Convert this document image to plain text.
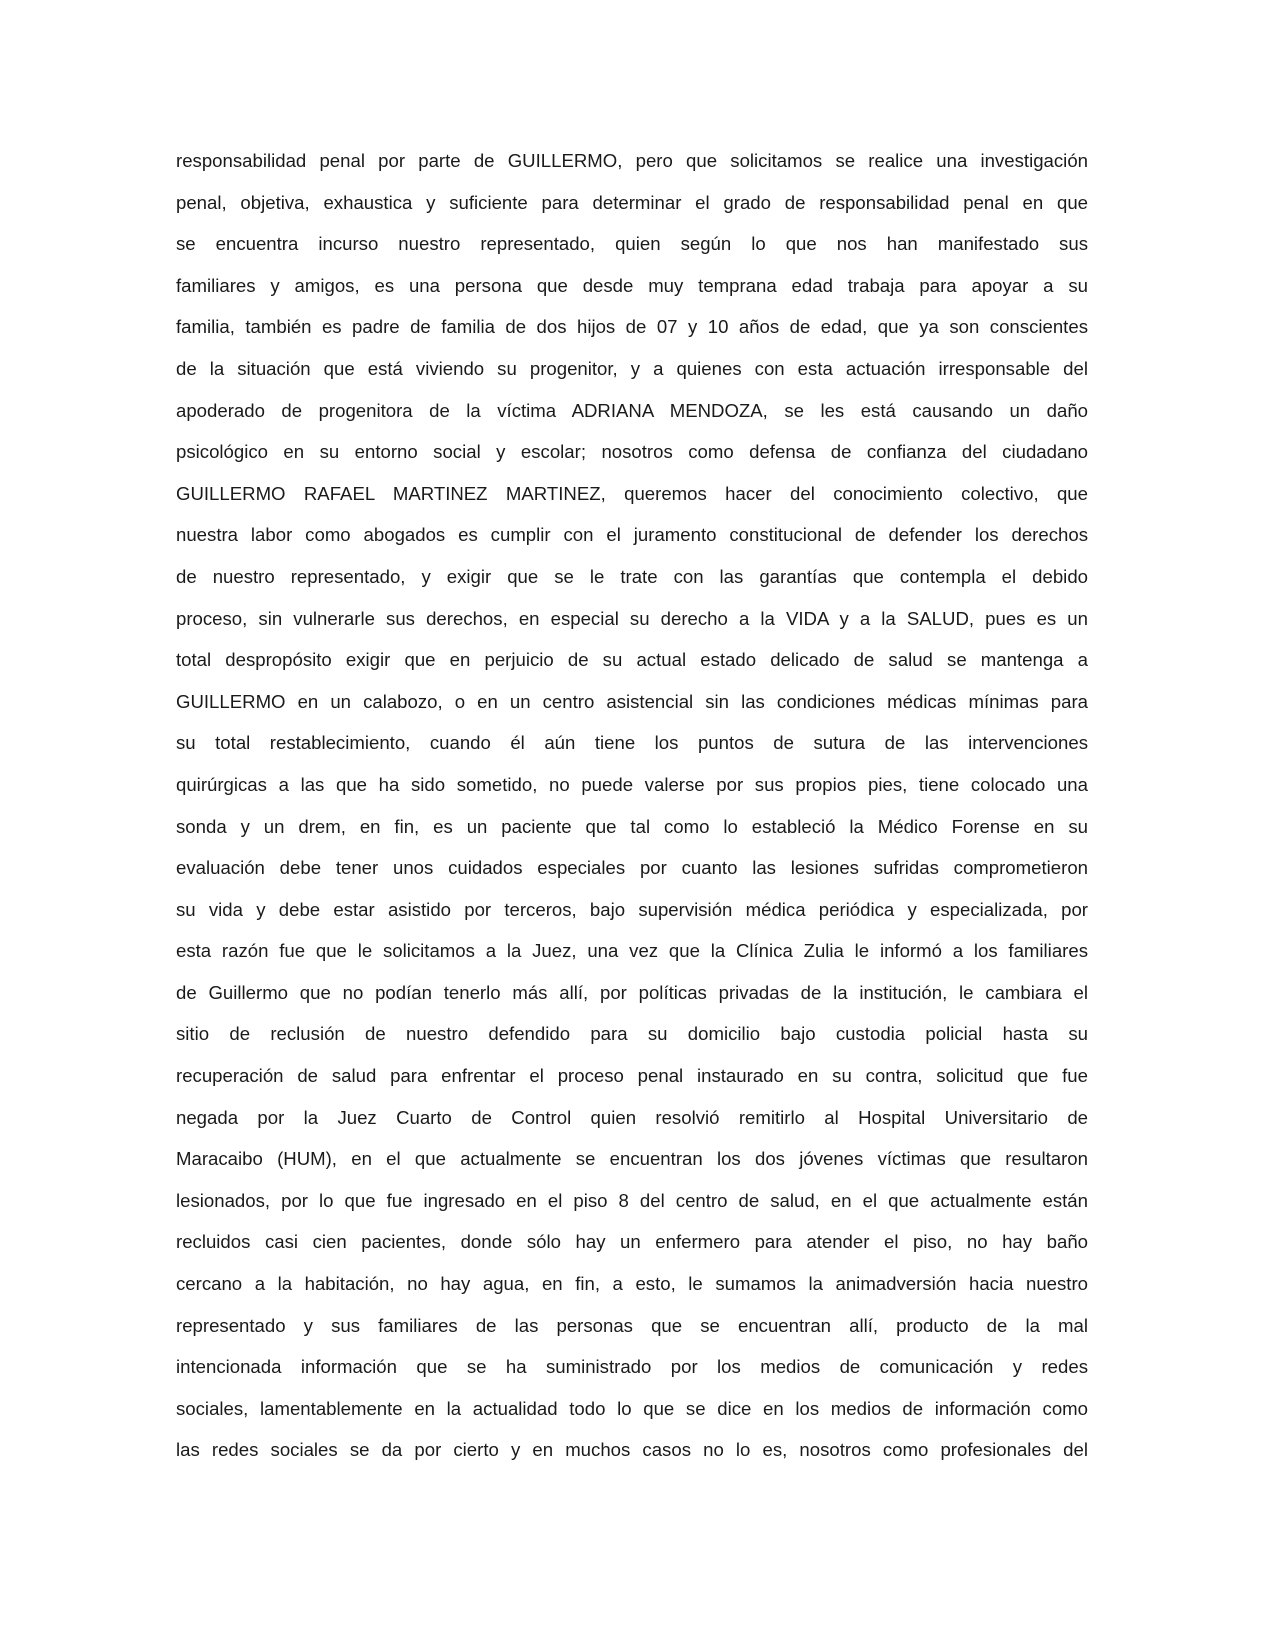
responsabilidad penal por parte de GUILLERMO, pero que solicitamos se realice una investigación
penal, objetiva, exhaustica y suficiente para determinar el grado de responsabilidad penal en que
se encuentra incurso nuestro representado, quien según lo que nos han manifestado sus
familiares y amigos, es una persona que desde muy temprana edad trabaja para apoyar a su
familia, también es padre de familia de dos hijos de 07 y 10 años de edad, que ya son conscientes
de la situación que está viviendo su progenitor, y a quienes con esta actuación irresponsable del
apoderado de progenitora de la víctima ADRIANA MENDOZA, se les está causando un daño
psicológico en su entorno social y escolar; nosotros como defensa de confianza del ciudadano
GUILLERMO RAFAEL MARTINEZ MARTINEZ, queremos hacer del conocimiento colectivo, que
nuestra labor como abogados es cumplir con el juramento constitucional de defender los derechos
de nuestro representado, y exigir que se le trate con las garantías que contempla el debido
proceso, sin vulnerarle sus derechos, en especial su derecho a la VIDA y a la SALUD, pues es un
total despropósito exigir que en perjuicio de su actual estado delicado de salud se mantenga a
GUILLERMO en un calabozo, o en un centro asistencial sin las condiciones médicas mínimas para
su total restablecimiento, cuando él aún tiene los puntos de sutura de las intervenciones
quirúrgicas a las que ha sido sometido, no puede valerse por sus propios pies, tiene colocado una
sonda y un drem, en fin, es un paciente que tal como lo estableció la Médico Forense en su
evaluación debe tener unos cuidados especiales por cuanto las lesiones sufridas comprometieron
su vida y debe estar asistido por terceros, bajo supervisión médica periódica y especializada, por
esta razón fue que le solicitamos a la Juez, una vez que la Clínica Zulia le informó a los familiares
de Guillermo que no podían tenerlo más allí, por políticas privadas de la institución, le cambiara el
sitio de reclusión de nuestro defendido para su domicilio bajo custodia policial hasta su
recuperación de salud para enfrentar el proceso penal instaurado en su contra, solicitud que fue
negada por la Juez Cuarto de Control quien resolvió remitirlo al Hospital Universitario de
Maracaibo (HUM), en el que actualmente se encuentran los dos jóvenes víctimas que resultaron
lesionados, por lo que fue ingresado en el piso 8 del centro de salud, en el que actualmente están
recluidos casi cien pacientes, donde sólo hay un enfermero para atender el piso, no hay baño
cercano a la habitación, no hay agua, en fin, a esto, le sumamos la animadversión hacia nuestro
representado y sus familiares de las personas que se encuentran allí, producto de la mal
intencionada información que se ha suministrado por los medios de comunicación y redes
sociales, lamentablemente en la actualidad todo lo que se dice en los medios de información como
las redes sociales se da por cierto y en muchos casos no lo es, nosotros como profesionales del
